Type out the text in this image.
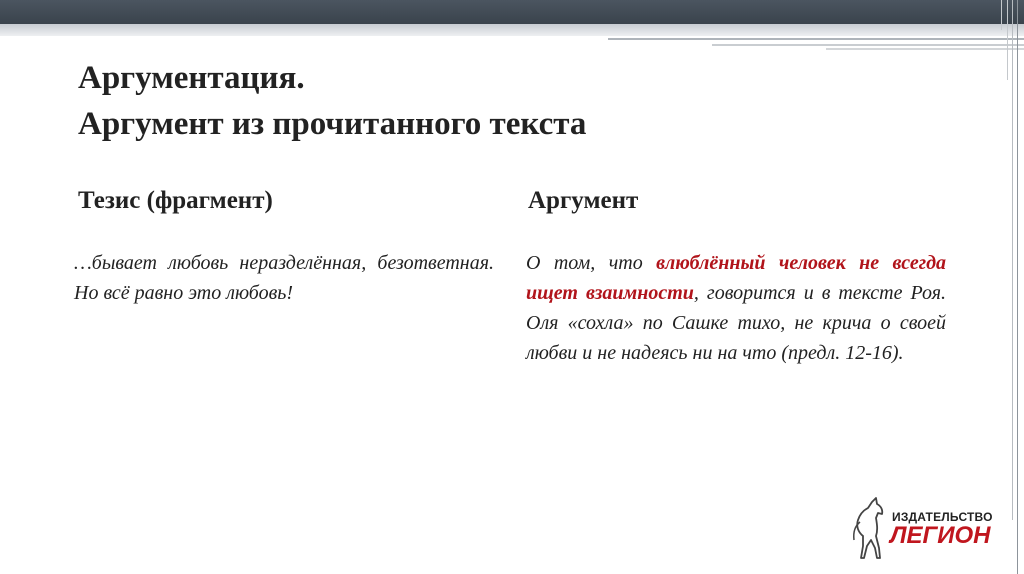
Аргументация.
Аргумент из прочитанного текста
Тезис (фрагмент)	Аргумент
…бывает любовь неразделённая, безответная. Но всё равно это любовь!
О том, что влюблённый человек не всегда ищет взаимности, говорится и в тексте Роя. Оля «сохла» по Сашке тихо, не крича о своей любви и не надеясь ни на что (предл. 12-16).
ИЗДАТЕЛЬСТВО
ЛЕГИОН
